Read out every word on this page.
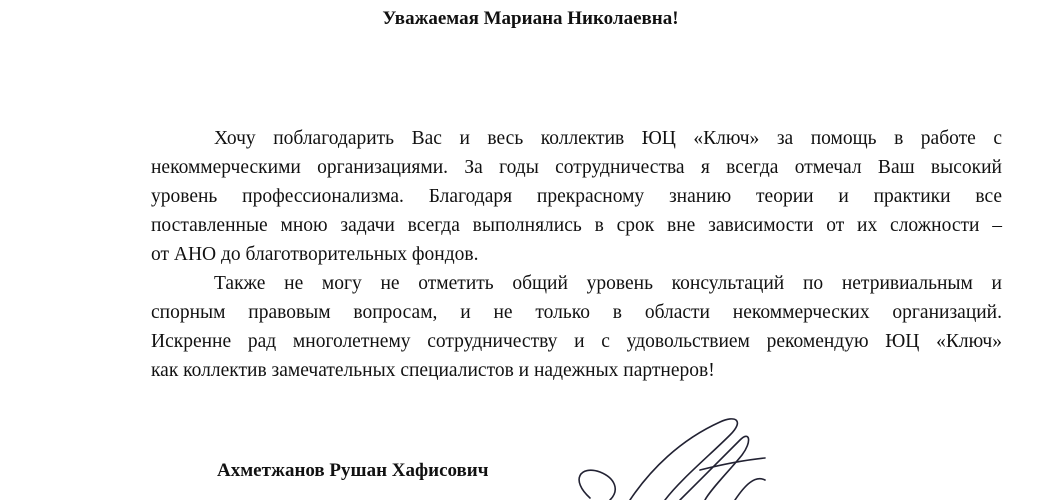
Уважаемая Мариана Николаевна!
Хочу поблагодарить Вас и весь коллектив ЮЦ «Ключ» за помощь в работе с
некоммерческими организациями. За годы сотрудничества я всегда отмечал Ваш высокий
уровень профессионализма. Благодаря прекрасному знанию теории и практики все
поставленные мною задачи всегда выполнялись в срок вне зависимости от их сложности –
от АНО до благотворительных фондов.
Также не могу не отметить общий уровень консультаций по нетривиальным и
спорным правовым вопросам, и не только в области некоммерческих организаций.
Искренне рад многолетнему сотрудничеству и с удовольствием рекомендую ЮЦ «Ключ»
как коллектив замечательных специалистов и надежных партнеров!
Ахметжанов Рушан Хафисович
